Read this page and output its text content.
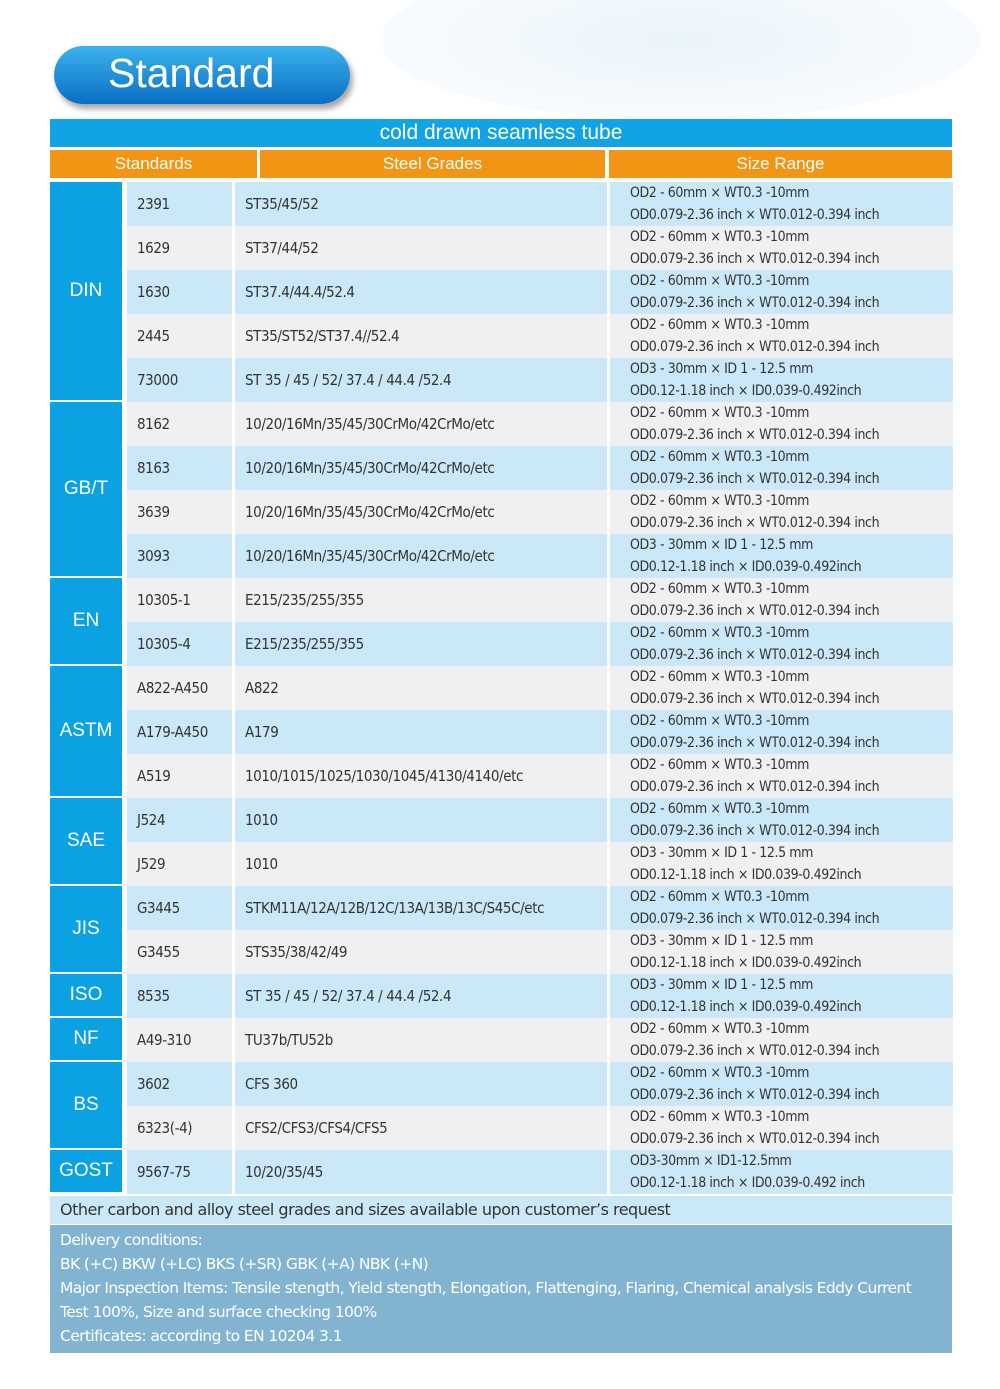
Standard
cold drawn seamless tube
Standards	Steel Grades	Size Range
DIN
2391	ST35/45/52
OD2 - 60mm × WT0.3 -10mm
OD0.079-2.36 inch × WT0.012-0.394 inch
1629	ST37/44/52
OD2 - 60mm × WT0.3 -10mm
OD0.079-2.36 inch × WT0.012-0.394 inch
1630	ST37.4/44.4/52.4
OD2 - 60mm × WT0.3 -10mm
OD0.079-2.36 inch × WT0.012-0.394 inch
2445	ST35/ST52/ST37.4//52.4
OD2 - 60mm × WT0.3 -10mm
OD0.079-2.36 inch × WT0.012-0.394 inch
73000	ST 35 / 45 / 52/ 37.4 / 44.4 /52.4
OD3 - 30mm × ID 1 - 12.5 mm
OD0.12-1.18 inch × ID0.039-0.492inch
GB/T
8162	10/20/16Mn/35/45/30CrMo/42CrMo/etc
OD2 - 60mm × WT0.3 -10mm
OD0.079-2.36 inch × WT0.012-0.394 inch
8163	10/20/16Mn/35/45/30CrMo/42CrMo/etc
OD2 - 60mm × WT0.3 -10mm
OD0.079-2.36 inch × WT0.012-0.394 inch
3639	10/20/16Mn/35/45/30CrMo/42CrMo/etc
OD2 - 60mm × WT0.3 -10mm
OD0.079-2.36 inch × WT0.012-0.394 inch
3093	10/20/16Mn/35/45/30CrMo/42CrMo/etc
OD3 - 30mm × ID 1 - 12.5 mm
OD0.12-1.18 inch × ID0.039-0.492inch
EN
10305-1	E215/235/255/355
OD2 - 60mm × WT0.3 -10mm
OD0.079-2.36 inch × WT0.012-0.394 inch
10305-4	E215/235/255/355
OD2 - 60mm × WT0.3 -10mm
OD0.079-2.36 inch × WT0.012-0.394 inch
ASTM
A822-A450	A822
OD2 - 60mm × WT0.3 -10mm
OD0.079-2.36 inch × WT0.012-0.394 inch
A179-A450	A179
OD2 - 60mm × WT0.3 -10mm
OD0.079-2.36 inch × WT0.012-0.394 inch
A519	1010/1015/1025/1030/1045/4130/4140/etc
OD2 - 60mm × WT0.3 -10mm
OD0.079-2.36 inch × WT0.012-0.394 inch
SAE
J524	1010
OD2 - 60mm × WT0.3 -10mm
OD0.079-2.36 inch × WT0.012-0.394 inch
J529	1010
OD3 - 30mm × ID 1 - 12.5 mm
OD0.12-1.18 inch × ID0.039-0.492inch
JIS
G3445	STKM11A/12A/12B/12C/13A/13B/13C/S45C/etc
OD2 - 60mm × WT0.3 -10mm
OD0.079-2.36 inch × WT0.012-0.394 inch
G3455	STS35/38/42/49
OD3 - 30mm × ID 1 - 12.5 mm
OD0.12-1.18 inch × ID0.039-0.492inch
ISO	8535	ST 35 / 45 / 52/ 37.4 / 44.4 /52.4
OD3 - 30mm × ID 1 - 12.5 mm
OD0.12-1.18 inch × ID0.039-0.492inch
NF	A49-310	TU37b/TU52b
OD2 - 60mm × WT0.3 -10mm
OD0.079-2.36 inch × WT0.012-0.394 inch
BS
3602	CFS 360
OD2 - 60mm × WT0.3 -10mm
OD0.079-2.36 inch × WT0.012-0.394 inch
6323(-4)	CFS2/CFS3/CFS4/CFS5
OD2 - 60mm × WT0.3 -10mm
OD0.079-2.36 inch × WT0.012-0.394 inch
GOST	9567-75	10/20/35/45
OD3-30mm × ID1-12.5mm
OD0.12-1.18 inch × ID0.039-0.492 inch
Other carbon and alloy steel grades and sizes available upon customer’s request
Delivery conditions:
BK (+C) BKW (+LC) BKS (+SR) GBK (+A) NBK (+N)
Major Inspection Items: Tensile stength, Yield stength, Elongation, Flattenging, Flaring, Chemical analysis Eddy Current
Test 100%, Size and surface checking 100%
Certificates: according to EN 10204 3.1
